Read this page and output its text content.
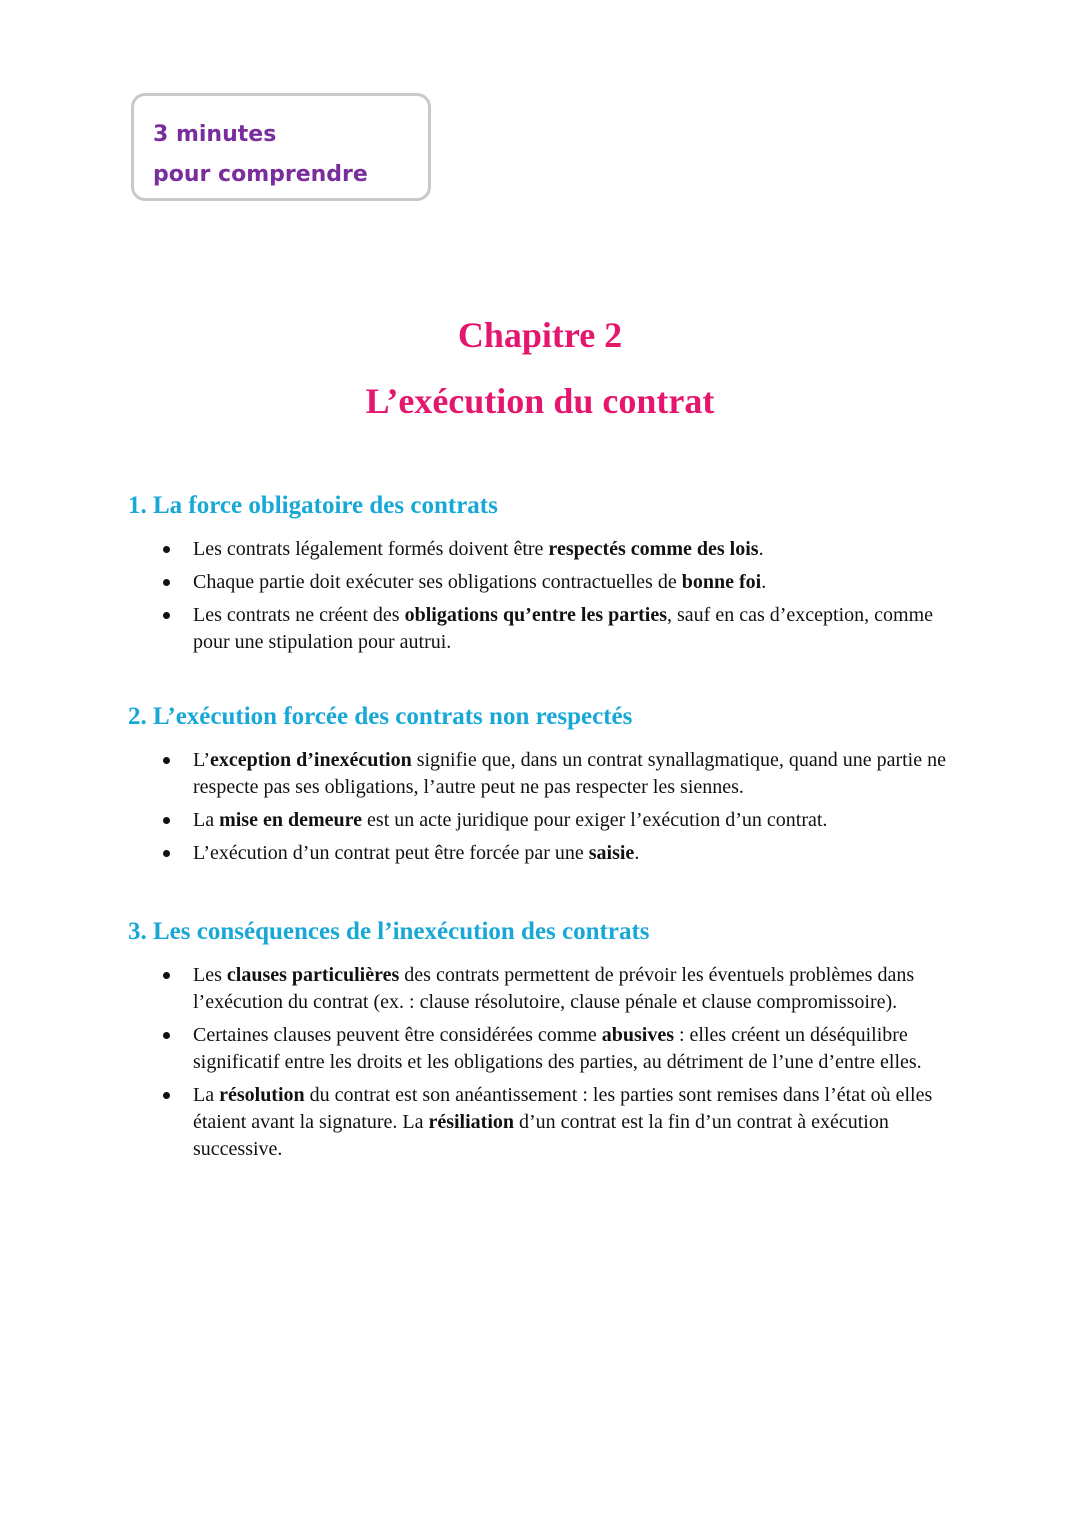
3 minutes
pour comprendre
Chapitre 2
L’exécution du contrat
1. La force obligatoire des contrats
Les contrats légalement formés doivent être respectés comme des lois.
Chaque partie doit exécuter ses obligations contractuelles de bonne foi.
Les contrats ne créent des obligations qu’entre les parties, sauf en cas d’exception, comme pour une stipulation pour autrui.
2. L’exécution forcée des contrats non respectés
L’exception d’inexécution signifie que, dans un contrat synallagmatique, quand une partie ne respecte pas ses obligations, l’autre peut ne pas respecter les siennes.
La mise en demeure est un acte juridique pour exiger l’exécution d’un contrat.
L’exécution d’un contrat peut être forcée par une saisie.
3. Les conséquences de l’inexécution des contrats
Les clauses particulières des contrats permettent de prévoir les éventuels problèmes dans l’exécution du contrat (ex. : clause résolutoire, clause pénale et clause compromissoire).
Certaines clauses peuvent être considérées comme abusives : elles créent un déséquilibre significatif entre les droits et les obligations des parties, au détriment de l’une d’entre elles.
La résolution du contrat est son anéantissement : les parties sont remises dans l’état où elles étaient avant la signature. La résiliation d’un contrat est la fin d’un contrat à exécution successive.
